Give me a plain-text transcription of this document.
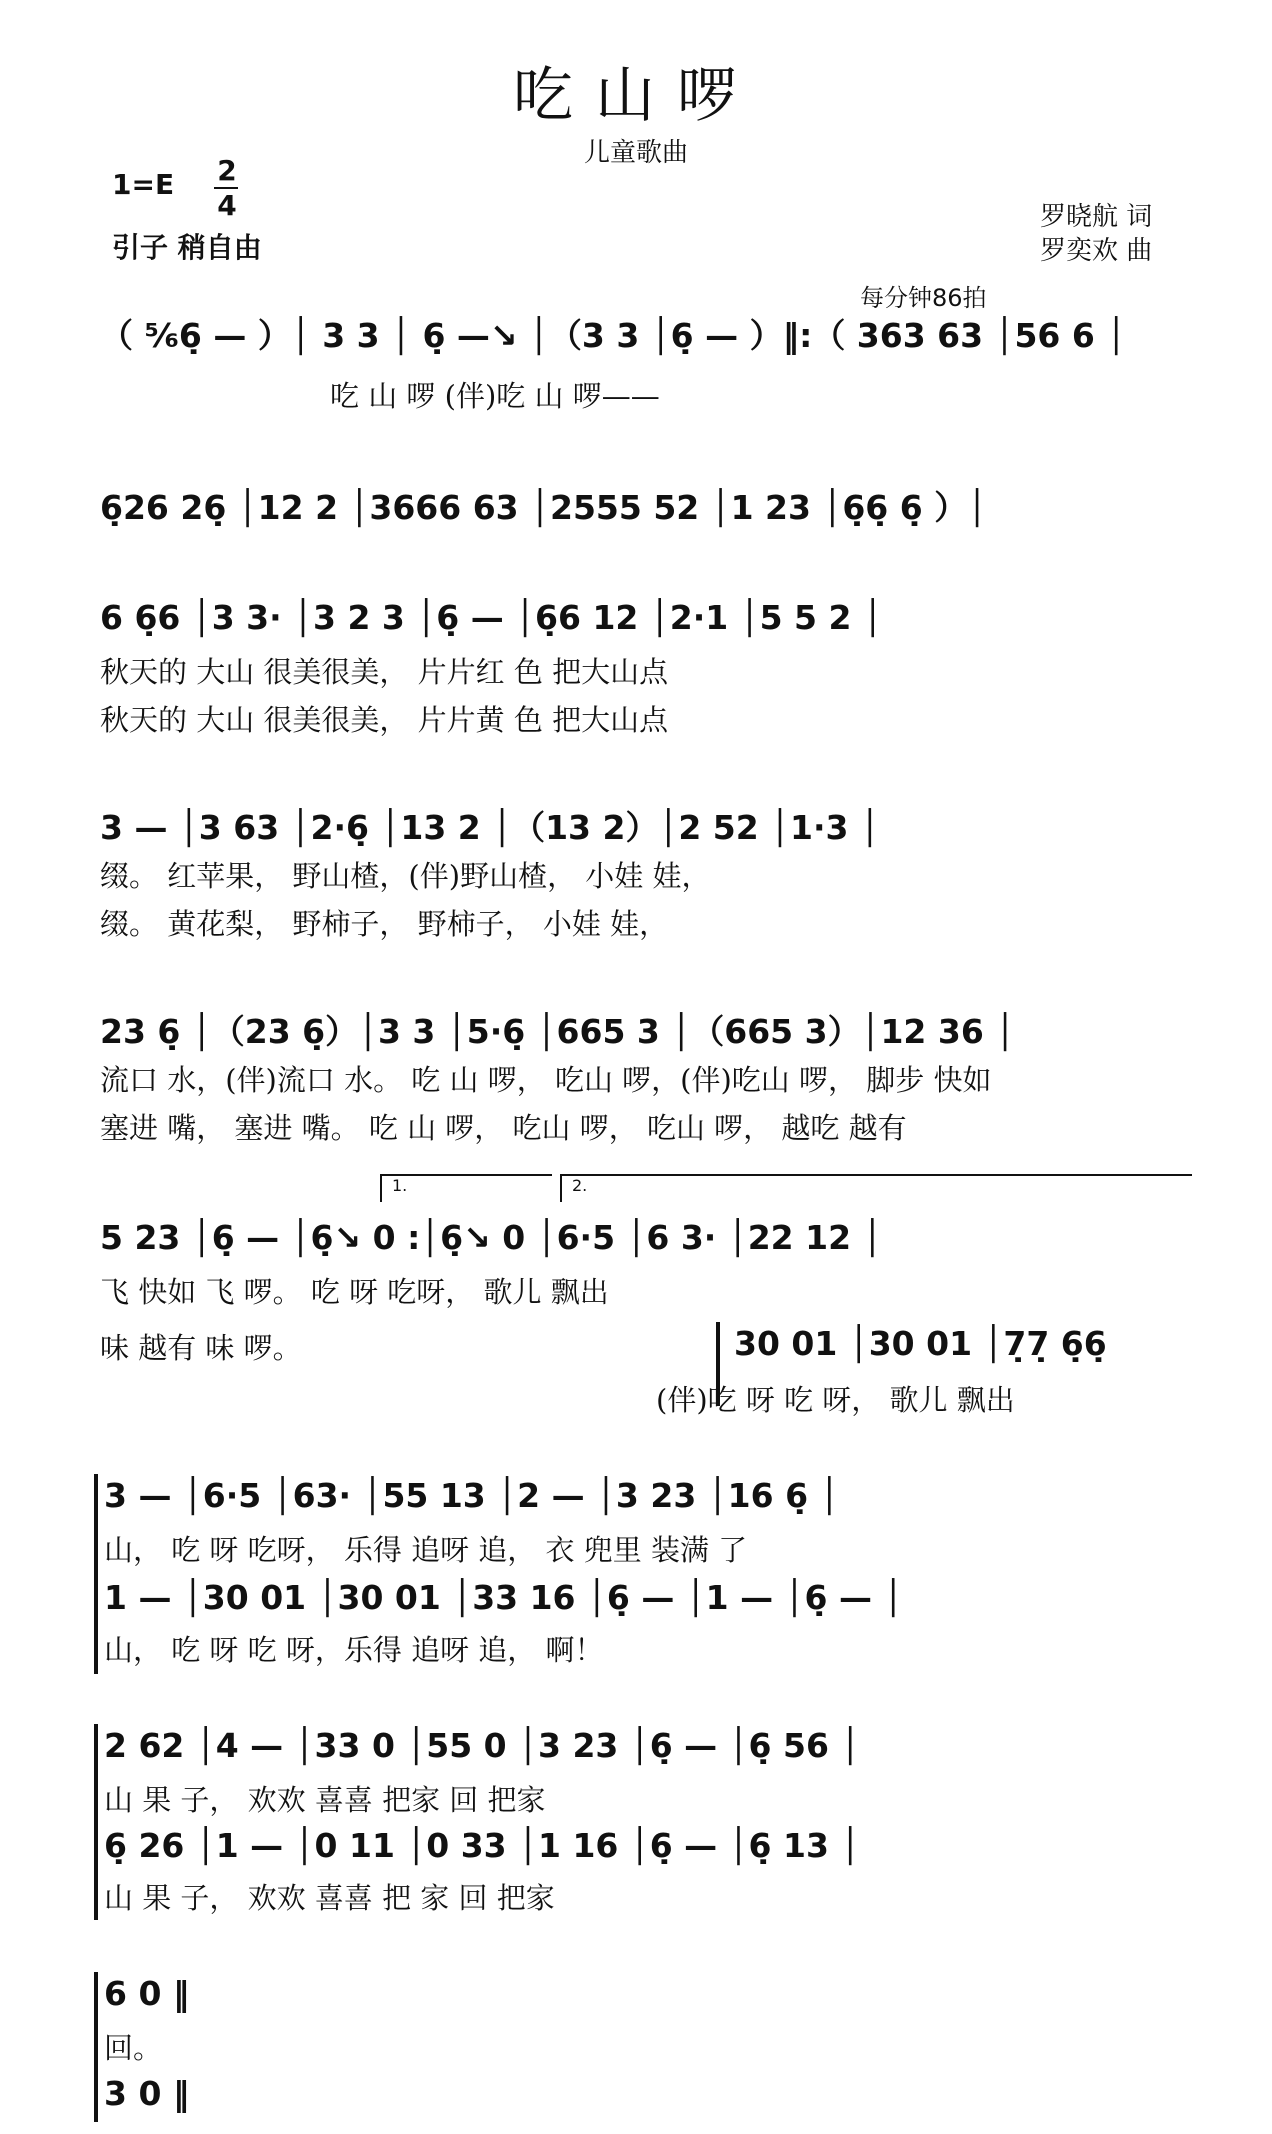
吃山啰
儿童歌曲
1=E 2
4
引子 稍自由
罗晓航 词
罗奕欢 曲
每分钟86拍
（ ⁵⁄₆6̣ — ）│ 3 3 │ 6̣ —↘ │（3 3 │6̣ — ）‖:（ 363 63 │56 6 │
吃 山 啰 (伴)吃 山 啰——
6̣26 26̣ │12 2 │3666 63 │2555 52 │1 23 │6̣6̣ 6̣ ）│
6 6̣6 │3 3· │3 2 3 │6̣ — │6̣6 12 │2·1 │5 5 2 │
秋天的 大山 很美很美， 片片红 色 把大山点
秋天的 大山 很美很美， 片片黄 色 把大山点
3 — │3 63 │2·6̣ │13 2 │（13 2）│2 52 │1·3 │
缀。 红苹果， 野山楂，(伴)野山楂， 小娃 娃，
缀。 黄花梨， 野柿子， 野柿子， 小娃 娃，
23 6̣ │（23 6̣）│3 3 │5·6̣ │665 3 │（665 3）│12 36 │
流口 水，(伴)流口 水。 吃 山 啰， 吃山 啰，(伴)吃山 啰， 脚步 快如
塞进 嘴， 塞进 嘴。 吃 山 啰， 吃山 啰， 吃山 啰， 越吃 越有
1.	2.
5 23 │6̣ — │6̣↘ 0 :│6̣↘ 0 │6·5 │6 3· │22 12 │
飞 快如 飞 啰。 吃 呀 吃呀， 歌儿 飘出
味 越有 味 啰。	30 01 │30 01 │7̣7̣ 6̣6̣
(伴)吃 呀 吃 呀， 歌儿 飘出
3 — │6·5 │63· │55 13 │2 — │3 23 │16 6̣ │
山， 吃 呀 吃呀， 乐得 追呀 追， 衣 兜里 装满 了
1 — │30 01 │30 01 │33 16 │6̣ — │1 — │6̣ — │
山， 吃 呀 吃 呀，乐得 追呀 追， 啊！
2 62 │4 — │33 0 │55 0 │3 23 │6̣ — │6̣ 56 │
山 果 子， 欢欢 喜喜 把家 回 把家
6̣ 26 │1 — │0 11 │0 33 │1 16 │6̣ — │6̣ 13 │
山 果 子， 欢欢 喜喜 把 家 回 把家
6 0 ‖
回。
3 0 ‖
